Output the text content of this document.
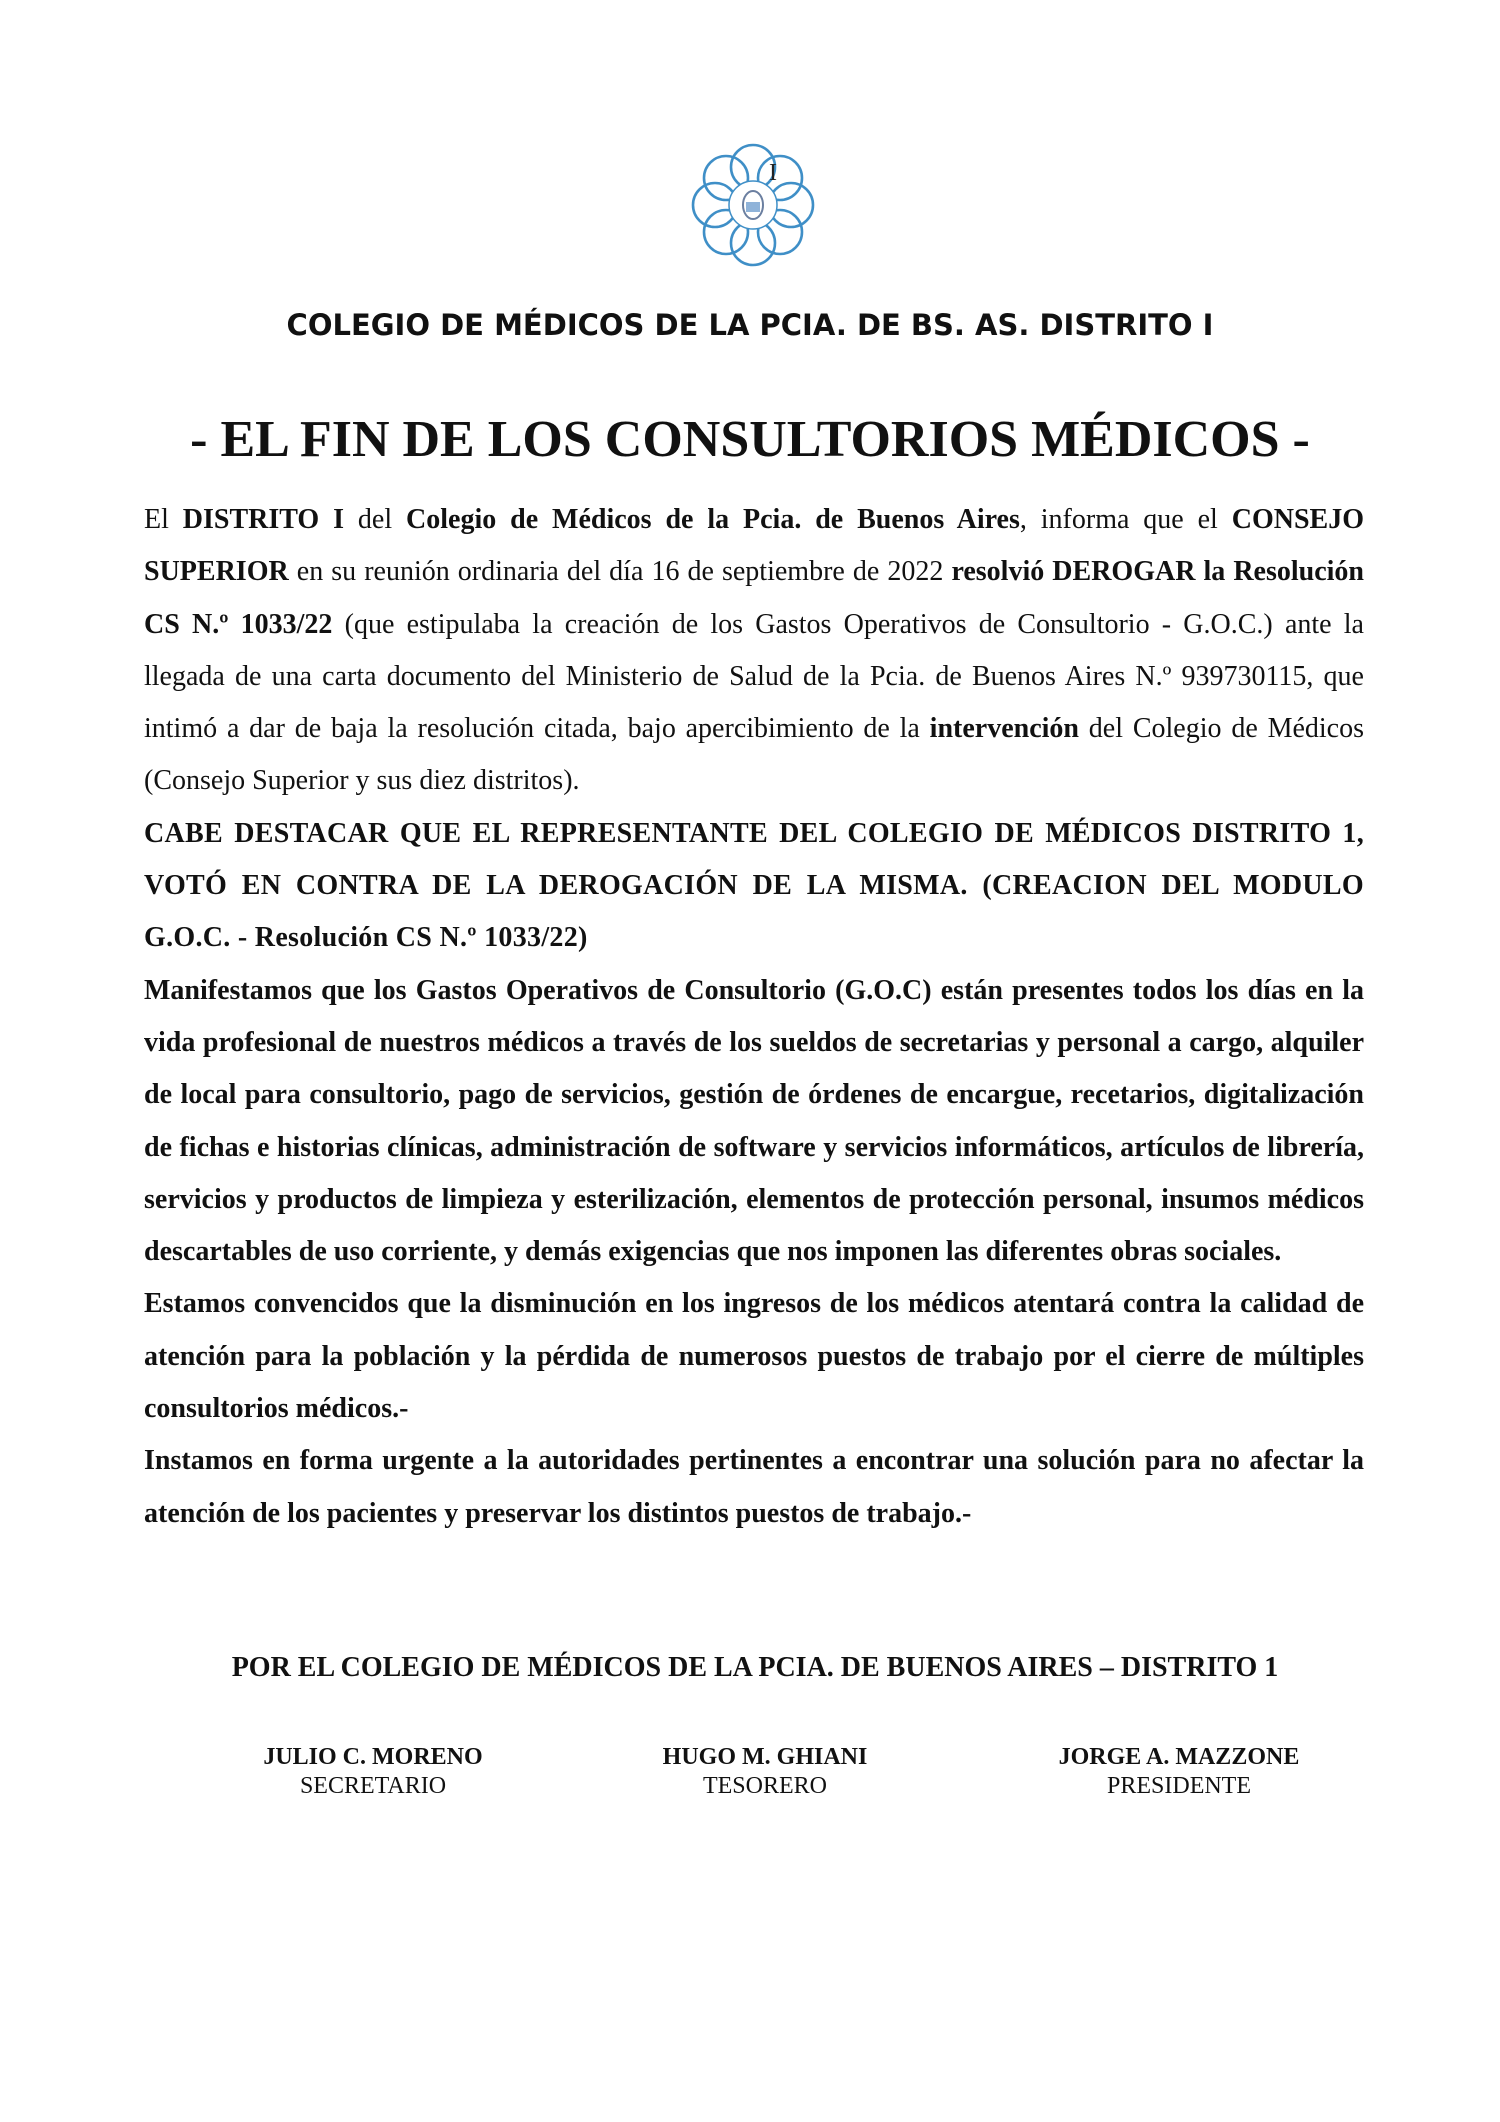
I
COLEGIO DE MÉDICOS DE LA PCIA. DE BS. AS. DISTRITO I
- EL FIN DE LOS CONSULTORIOS MÉDICOS -

El DISTRITO I del Colegio de Médicos de la Pcia. de Buenos Aires, informa que el CONSEJO SUPERIOR en su reunión ordinaria del día 16 de septiembre de 2022 resolvió DEROGAR la Resolución CS N.º 1033/22 (que estipulaba la creación de los Gastos Operativos de Consultorio - G.O.C.) ante la llegada de una carta documento del Ministerio de Salud de la Pcia. de Buenos Aires N.º 939730115, que intimó a dar de baja la resolución citada, bajo apercibimiento de la intervención del Colegio de Médicos (Consejo Superior y sus diez distritos).

CABE DESTACAR QUE EL REPRESENTANTE DEL COLEGIO DE MÉDICOS DISTRITO 1, VOTÓ EN CONTRA DE LA DEROGACIÓN DE LA MISMA. (CREACION DEL MODULO G.O.C. - Resolución CS N.º 1033/22)

Manifestamos que los Gastos Operativos de Consultorio (G.O.C) están presentes todos los días en la vida profesional de nuestros médicos a través de los sueldos de secretarias y personal a cargo, alquiler de local para consultorio, pago de servicios, gestión de órdenes de encargue, recetarios, digitalización de fichas e historias clínicas, administración de software y servicios informáticos, artículos de librería, servicios y productos de limpieza y esterilización, elementos de protección personal, insumos médicos descartables de uso corriente, y demás exigencias que nos imponen las diferentes obras sociales.

Estamos convencidos que la disminución en los ingresos de los médicos atentará contra la calidad de atención para la población y la pérdida de numerosos puestos de trabajo por el cierre de múltiples consultorios médicos.-

Instamos en forma urgente a la autoridades pertinentes a encontrar una solución para no afectar la atención de los pacientes y preservar los distintos puestos de trabajo.-

POR EL COLEGIO DE MÉDICOS DE LA PCIA. DE BUENOS AIRES – DISTRITO 1
JULIO C. MORENO
SECRETARIO
HUGO M. GHIANI
TESORERO
JORGE A. MAZZONE
PRESIDENTE
